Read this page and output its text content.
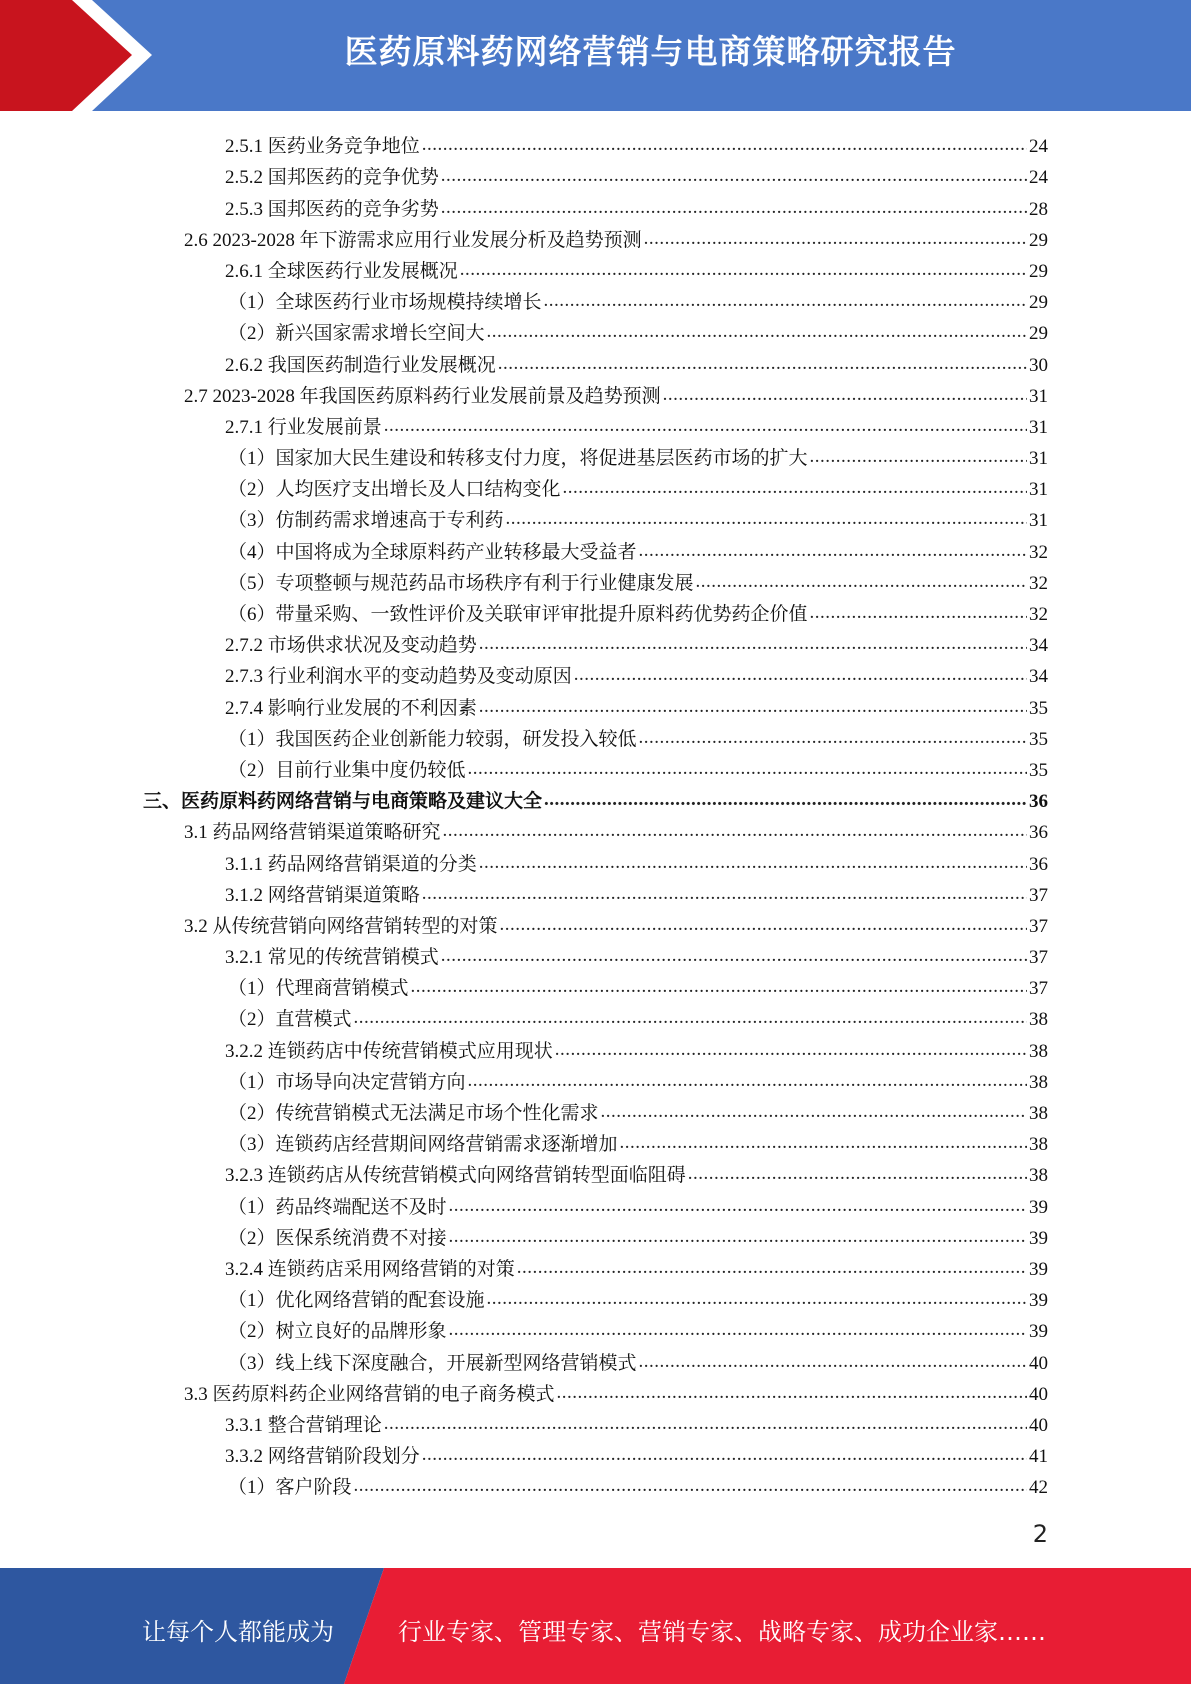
医药原料药网络营销与电商策略研究报告
2.5.1 医药业务竞争地位 .....	24
2.5.2 国邦医药的竞争优势 .....	24
2.5.3 国邦医药的竞争劣势 .....	28
2.6 2023-2028 年下游需求应用行业发展分析及趋势预测 .....	29
2.6.1 全球医药行业发展概况 .....	29
（1）全球医药行业市场规模持续增长 .....	29
（2）新兴国家需求增长空间大 .....	29
2.6.2 我国医药制造行业发展概况 .....	30
2.7 2023-2028 年我国医药原料药行业发展前景及趋势预测 .....	31
2.7.1 行业发展前景 .....	31
（1）国家加大民生建设和转移支付力度，将促进基层医药市场的扩大 .....	31
（2）人均医疗支出增长及人口结构变化 .....	31
（3）仿制药需求增速高于专利药 .....	31
（4）中国将成为全球原料药产业转移最大受益者 .....	32
（5）专项整顿与规范药品市场秩序有利于行业健康发展 .....	32
（6）带量采购、一致性评价及关联审评审批提升原料药优势药企价值 .....	32
2.7.2 市场供求状况及变动趋势 .....	34
2.7.3 行业利润水平的变动趋势及变动原因 .....	34
2.7.4 影响行业发展的不利因素 .....	35
（1）我国医药企业创新能力较弱，研发投入较低 .....	35
（2）目前行业集中度仍较低 .....	35
三、医药原料药网络营销与电商策略及建议大全 .....	36
3.1 药品网络营销渠道策略研究 .....	36
3.1.1 药品网络营销渠道的分类 .....	36
3.1.2 网络营销渠道策略 .....	37
3.2 从传统营销向网络营销转型的对策 .....	37
3.2.1 常见的传统营销模式 .....	37
（1）代理商营销模式 .....	37
（2）直营模式 .....	38
3.2.2 连锁药店中传统营销模式应用现状 .....	38
（1）市场导向决定营销方向 .....	38
（2）传统营销模式无法满足市场个性化需求 .....	38
（3）连锁药店经营期间网络营销需求逐渐增加 .....	38
3.2.3 连锁药店从传统营销模式向网络营销转型面临阻碍 .....	38
（1）药品终端配送不及时 .....	39
（2）医保系统消费不对接 .....	39
3.2.4 连锁药店采用网络营销的对策 .....	39
（1）优化网络营销的配套设施 .....	39
（2）树立良好的品牌形象 .....	39
（3）线上线下深度融合，开展新型网络营销模式 .....	40
3.3 医药原料药企业网络营销的电子商务模式 .....	40
3.3.1 整合营销理论 .....	40
3.3.2 网络营销阶段划分 .....	41
（1）客户阶段 .....	42
2
让每个人都能成为	行业专家、管理专家、营销专家、战略专家、成功企业家……
